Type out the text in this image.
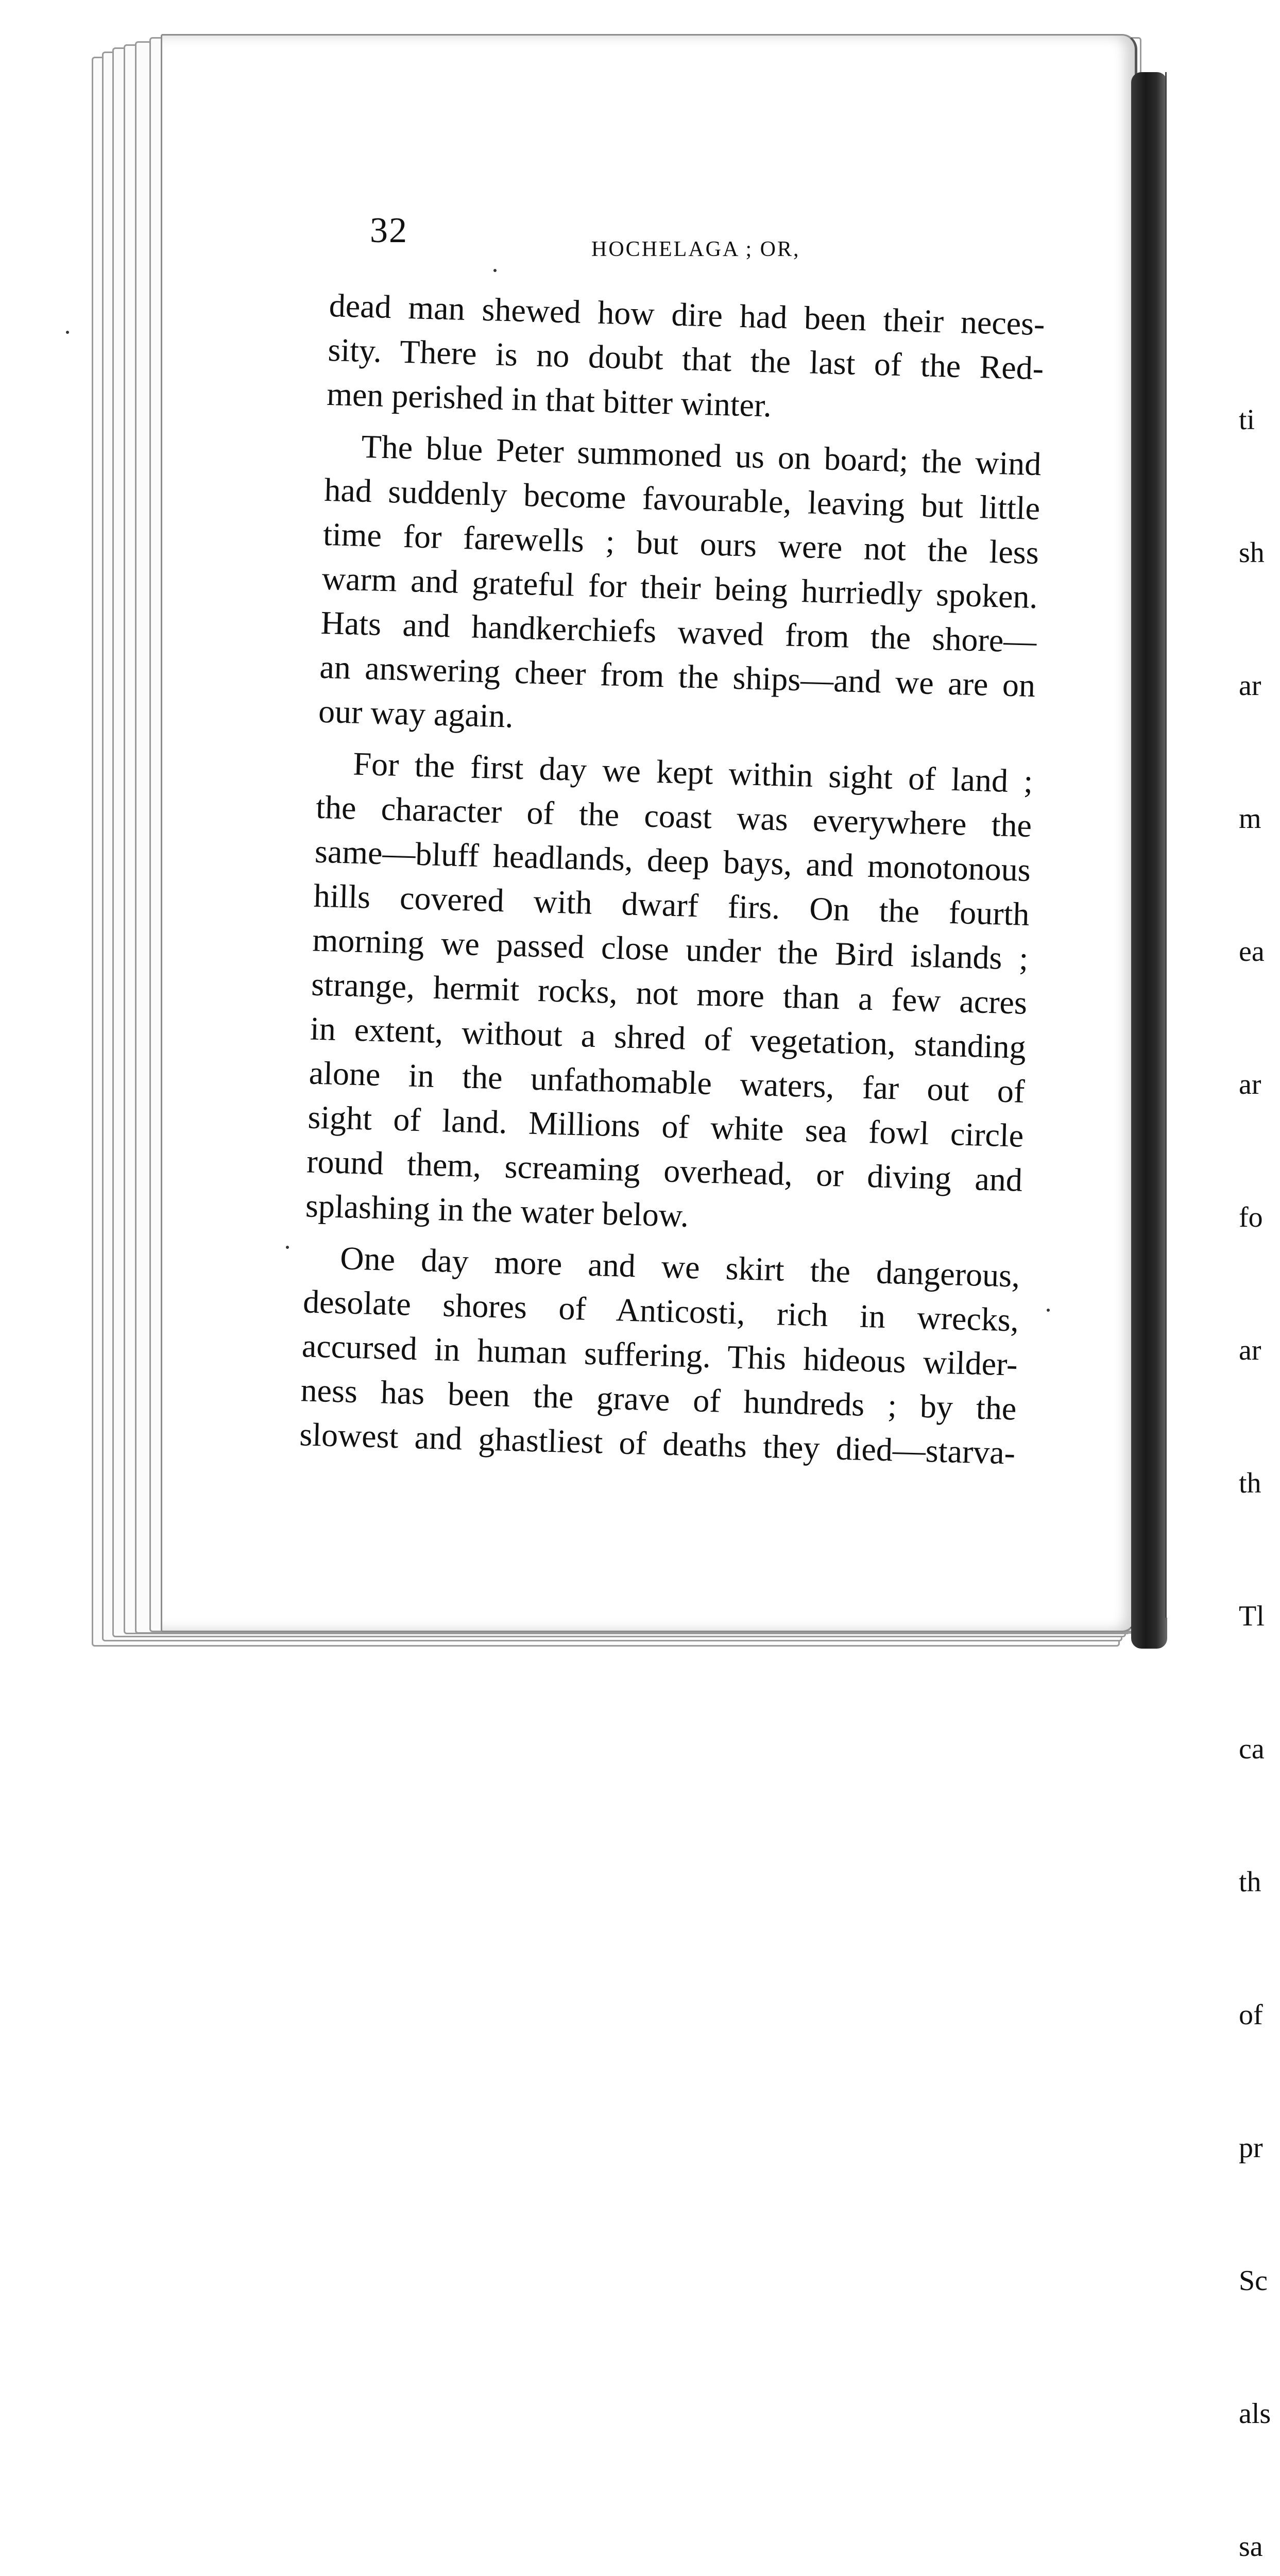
32	HOCHELAGA ; OR,

dead man shewed how dire had been their neces-
sity. There is no doubt that the last of the Red-
men perished in that bitter winter.

The blue Peter summoned us on board; the wind
had suddenly become favourable, leaving but little
time for farewells ; but ours were not the less
warm and grateful for their being hurriedly spoken.
Hats and handkerchiefs waved from the shore—
an answering cheer from the ships—and we are on
our way again.

For the first day we kept within sight of land ;
the character of the coast was everywhere the
same—bluff headlands, deep bays, and monotonous
hills covered with dwarf firs. On the fourth
morning we passed close under the Bird islands ;
strange, hermit rocks, not more than a few acres
in extent, without a shred of vegetation, standing
alone in the unfathomable waters, far out of
sight of land. Millions of white sea fowl circle
round them, screaming overhead, or diving and
splashing in the water below.

One day more and we skirt the dangerous,
desolate shores of Anticosti, rich in wrecks,
accursed in human suffering. This hideous wilder-
ness has been the grave of hundreds ; by the
slowest and ghastliest of deaths they died—starva-

ti

sh

ar

m

ea

ar

fo

ar

th

Tl

ca

th

of

pr

Sc

als

sa
